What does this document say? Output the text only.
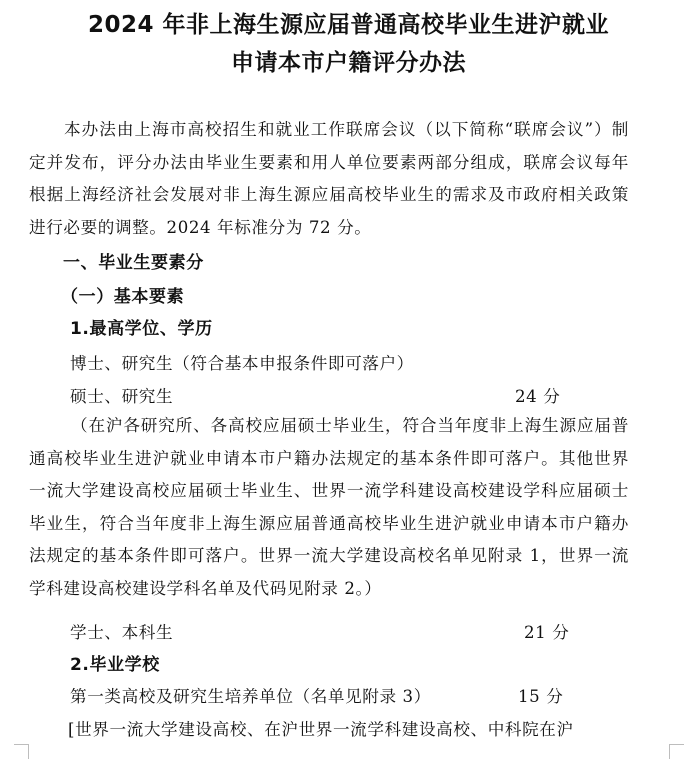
2024 年非上海生源应届普通高校毕业生进沪就业
申请本市户籍评分办法
本办法由上海市高校招生和就业工作联席会议（以下简称“联席会议”）制定并发布，评分办法由毕业生要素和用人单位要素两部分组成，联席会议每年根据上海经济社会发展对非上海生源应届高校毕业生的需求及市政府相关政策进行必要的调整。2024 年标准分为 72 分。
一、毕业生要素分
（一）基本要素
1.最高学位、学历
博士、研究生（符合基本申报条件即可落户）
硕士、研究生	24 分
（在沪各研究所、各高校应届硕士毕业生，符合当年度非上海生源应届普通高校毕业生进沪就业申请本市户籍办法规定的基本条件即可落户。其他世界一流大学建设高校应届硕士毕业生、世界一流学科建设高校建设学科应届硕士毕业生，符合当年度非上海生源应届普通高校毕业生进沪就业申请本市户籍办法规定的基本条件即可落户。世界一流大学建设高校名单见附录 1，世界一流学科建设高校建设学科名单及代码见附录 2。）
学士、本科生	21 分
2.毕业学校
第一类高校及研究生培养单位（名单见附录 3）	15 分
[世界一流大学建设高校、在沪世界一流学科建设高校、中科院在沪
